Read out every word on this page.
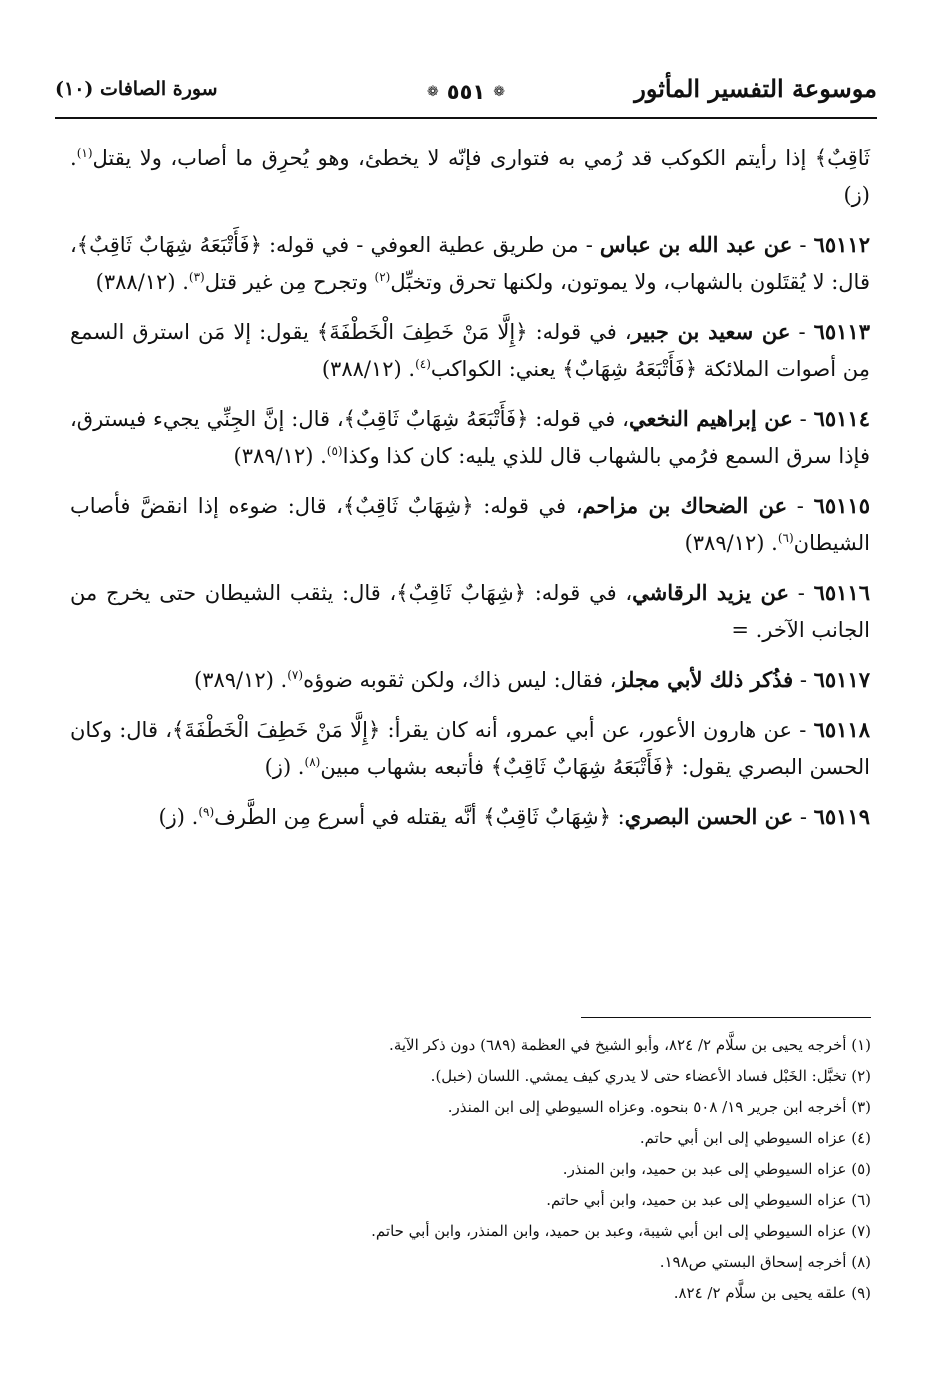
موسوعة التفسير المأثور
❁
٥٥١
❁
سورة الصافات (١٠)

ثَاقِبٌ﴾ إذا رأيتم الكوكب قد رُمي به فتوارى فإنّه لا يخطئ، وهو يُحرِق ما أصاب، ولا يقتل$^{(١)}$. (ز)

٦٥١١٢ - عن عبد الله بن عباس - من طريق عطية العوفي - في قوله: ﴿فَأَتْبَعَهُ شِهَابٌ ثَاقِبٌ﴾، قال: لا يُقتَلون بالشهاب، ولا يموتون، ولكنها تحرق وتخبِّل$^{(٢)}$ وتجرح مِن غير قتل$^{(٣)}$. (٣٨٨/١٢)

٦٥١١٣ - عن سعيد بن جبير، في قوله: ﴿إِلَّا مَنْ خَطِفَ الْخَطْفَةَ﴾ يقول: إلا مَن استرق السمع مِن أصوات الملائكة ﴿فَأَتْبَعَهُ شِهَابٌ﴾ يعني: الكواكب$^{(٤)}$. (٣٨٨/١٢)

٦٥١١٤ - عن إبراهيم النخعي، في قوله: ﴿فَأَتْبَعَهُ شِهَابٌ ثَاقِبٌ﴾، قال: إنَّ الجِنِّي يجيء فيسترق، فإذا سرق السمع فرُمي بالشهاب قال للذي يليه: كان كذا وكذا$^{(٥)}$. (٣٨٩/١٢)

٦٥١١٥ - عن الضحاك بن مزاحم، في قوله: ﴿شِهَابٌ ثَاقِبٌ﴾، قال: ضوءه إذا انقضَّ فأصاب الشيطان$^{(٦)}$. (٣٨٩/١٢)

٦٥١١٦ - عن يزيد الرقاشي، في قوله: ﴿شِهَابٌ ثَاقِبٌ﴾، قال: يثقب الشيطان حتى يخرج من الجانب الآخر. =

٦٥١١٧ - فذُكر ذلك لأبي مجلز، فقال: ليس ذاك، ولكن ثقوبه ضوؤه$^{(٧)}$. (٣٨٩/١٢)

٦٥١١٨ - عن هارون الأعور، عن أبي عمرو، أنه كان يقرأ: ﴿إِلَّا مَنْ خَطِفَ الْخَطْفَةَ﴾، قال: وكان الحسن البصري يقول: ﴿فَأَتْبَعَهُ شِهَابٌ ثَاقِبٌ﴾ فأتبعه بشهاب مبين$^{(٨)}$. (ز)

٦٥١١٩ - عن الحسن البصري: ﴿شِهَابٌ ثَاقِبٌ﴾ أنَّه يقتله في أسرع مِن الطَّرف$^{(٩)}$. (ز)

(١) أخرجه يحيى بن سلَّام ٢/ ٨٢٤، وأبو الشيخ في العظمة (٦٨٩) دون ذكر الآية.

(٢) تخبَّل: الخَبْل فساد الأعضاء حتى لا يدري كيف يمشي. اللسان (خبل).

(٣) أخرجه ابن جرير ١٩/ ٥٠٨ بنحوه. وعزاه السيوطي إلى ابن المنذر.

(٤) عزاه السيوطي إلى ابن أبي حاتم.

(٥) عزاه السيوطي إلى عبد بن حميد، وابن المنذر.

(٦) عزاه السيوطي إلى عبد بن حميد، وابن أبي حاتم.

(٧) عزاه السيوطي إلى ابن أبي شيبة، وعبد بن حميد، وابن المنذر، وابن أبي حاتم.

(٨) أخرجه إسحاق البستي ص١٩٨.

(٩) علقه يحيى بن سلَّام ٢/ ٨٢٤.
